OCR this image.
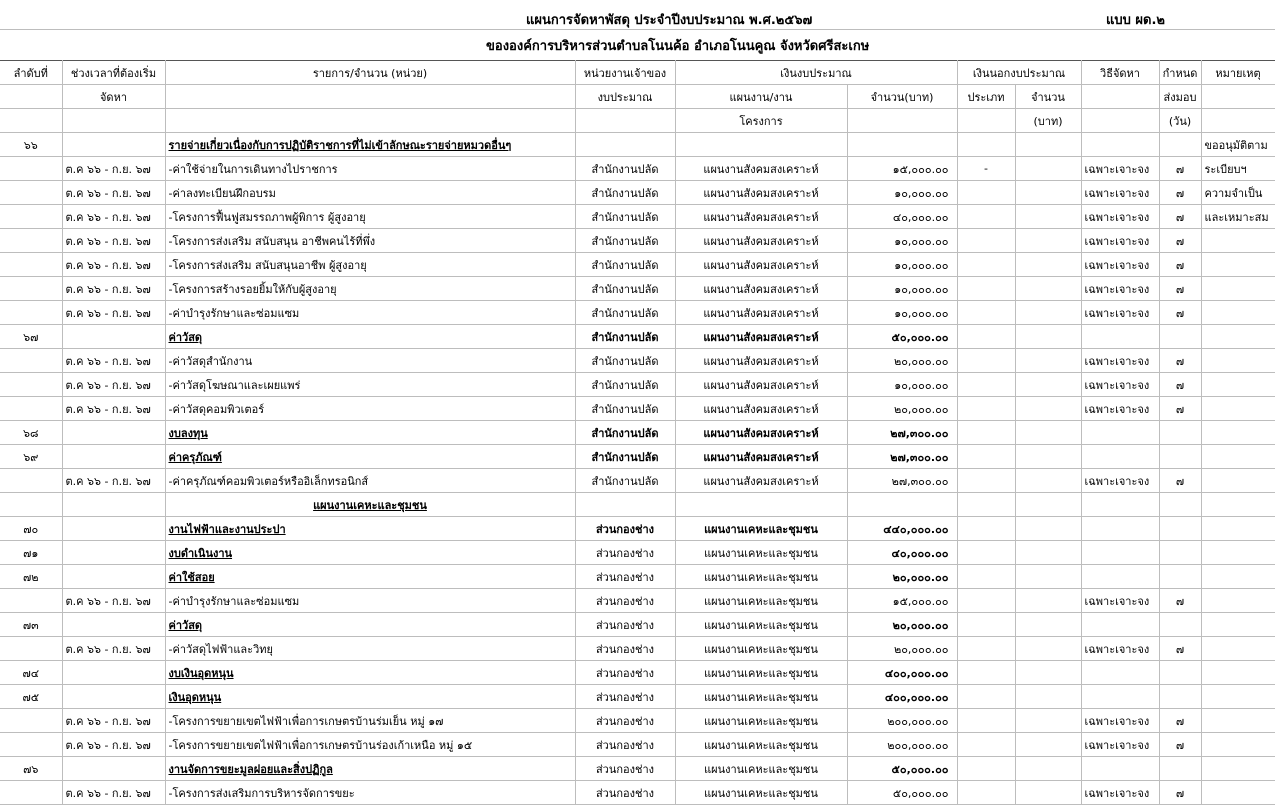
แผนการจัดหาพัสดุ ประจำปีงบประมาณ พ.ศ.๒๕๖๗	แบบ ผด.๒
ขององค์การบริหารส่วนตำบลโนนค้อ อำเภอโนนคูณ จังหวัดศรีสะเกษ
ลำดับที่	ช่วงเวลาที่ต้องเริ่ม	รายการ/จำนวน (หน่วย)	หน่วยงานเจ้าของ	เงินงบประมาณ		เงินนอกงบประมาณ		วิธีจัดหา	กำหนด	หมายเหตุ
	จัดหา		งบประมาณ	แผนงาน/งาน	จำนวน(บาท)	ประเภท	จำนวน		ส่งมอบ	
				โครงการ			(บาท)		(วัน)	
๖๖		รายจ่ายเกี่ยวเนื่องกับการปฏิบัติราชการที่ไม่เข้าลักษณะรายจ่ายหมวดอื่นๆ								ขออนุมัติตาม
	ต.ค ๖๖ - ก.ย. ๖๗	-ค่าใช้จ่ายในการเดินทางไปราชการ	สำนักงานปลัด	แผนงานสังคมสงเคราะห์	๑๕,๐๐๐.๐๐	-		เฉพาะเจาะจง	๗	ระเบียบฯ
	ต.ค ๖๖ - ก.ย. ๖๗	-ค่าลงทะเบียนฝึกอบรม	สำนักงานปลัด	แผนงานสังคมสงเคราะห์	๑๐,๐๐๐.๐๐			เฉพาะเจาะจง	๗	ความจำเป็น
	ต.ค ๖๖ - ก.ย. ๖๗	-โครงการฟื้นฟูสมรรถภาพผู้พิการ ผู้สูงอายุ	สำนักงานปลัด	แผนงานสังคมสงเคราะห์	๔๐,๐๐๐.๐๐			เฉพาะเจาะจง	๗	และเหมาะสม
	ต.ค ๖๖ - ก.ย. ๖๗	-โครงการส่งเสริม สนับสนุน อาชีพคนไร้ที่พึ่ง	สำนักงานปลัด	แผนงานสังคมสงเคราะห์	๑๐,๐๐๐.๐๐			เฉพาะเจาะจง	๗	
	ต.ค ๖๖ - ก.ย. ๖๗	-โครงการส่งเสริม สนับสนุนอาชีพ ผู้สูงอายุ	สำนักงานปลัด	แผนงานสังคมสงเคราะห์	๑๐,๐๐๐.๐๐			เฉพาะเจาะจง	๗	
	ต.ค ๖๖ - ก.ย. ๖๗	-โครงการสร้างรอยยิ้มให้กับผู้สูงอายุ	สำนักงานปลัด	แผนงานสังคมสงเคราะห์	๑๐,๐๐๐.๐๐			เฉพาะเจาะจง	๗	
	ต.ค ๖๖ - ก.ย. ๖๗	-ค่าบำรุงรักษาและซ่อมแซม	สำนักงานปลัด	แผนงานสังคมสงเคราะห์	๑๐,๐๐๐.๐๐			เฉพาะเจาะจง	๗	
๖๗		ค่าวัสดุ	สำนักงานปลัด	แผนงานสังคมสงเคราะห์	๕๐,๐๐๐.๐๐					
	ต.ค ๖๖ - ก.ย. ๖๗	-ค่าวัสดุสำนักงาน	สำนักงานปลัด	แผนงานสังคมสงเคราะห์	๒๐,๐๐๐.๐๐			เฉพาะเจาะจง	๗	
	ต.ค ๖๖ - ก.ย. ๖๗	-ค่าวัสดุโฆษณาและเผยแพร่	สำนักงานปลัด	แผนงานสังคมสงเคราะห์	๑๐,๐๐๐.๐๐			เฉพาะเจาะจง	๗	
	ต.ค ๖๖ - ก.ย. ๖๗	-ค่าวัสดุคอมพิวเตอร์	สำนักงานปลัด	แผนงานสังคมสงเคราะห์	๒๐,๐๐๐.๐๐			เฉพาะเจาะจง	๗	
๖๘		งบลงทุน	สำนักงานปลัด	แผนงานสังคมสงเคราะห์	๒๗,๓๐๐.๐๐					
๖๙		ค่าครุภัณฑ์	สำนักงานปลัด	แผนงานสังคมสงเคราะห์	๒๗,๓๐๐.๐๐					
	ต.ค ๖๖ - ก.ย. ๖๗	-ค่าครุภัณฑ์คอมพิวเตอร์หรืออิเล็กทรอนิกส์	สำนักงานปลัด	แผนงานสังคมสงเคราะห์	๒๗,๓๐๐.๐๐			เฉพาะเจาะจง	๗	
		แผนงานเคหะและชุมชน								
๗๐		งานไฟฟ้าและงานประปา	ส่วนกองช่าง	แผนงานเคหะและชุมชน	๔๔๐,๐๐๐.๐๐					
๗๑		งบดำเนินงาน	ส่วนกองช่าง	แผนงานเคหะและชุมชน	๔๐,๐๐๐.๐๐					
๗๒		ค่าใช้สอย	ส่วนกองช่าง	แผนงานเคหะและชุมชน	๒๐,๐๐๐.๐๐					
	ต.ค ๖๖ - ก.ย. ๖๗	-ค่าบำรุงรักษาและซ่อมแซม	ส่วนกองช่าง	แผนงานเคหะและชุมชน	๑๕,๐๐๐.๐๐			เฉพาะเจาะจง	๗	
๗๓		ค่าวัสดุ	ส่วนกองช่าง	แผนงานเคหะและชุมชน	๒๐,๐๐๐.๐๐					
	ต.ค ๖๖ - ก.ย. ๖๗	-ค่าวัสดุไฟฟ้าและวิทยุ	ส่วนกองช่าง	แผนงานเคหะและชุมชน	๒๐,๐๐๐.๐๐			เฉพาะเจาะจง	๗	
๗๔		งบเงินอุดหนุน	ส่วนกองช่าง	แผนงานเคหะและชุมชน	๔๐๐,๐๐๐.๐๐					
๗๕		เงินอุดหนุน	ส่วนกองช่าง	แผนงานเคหะและชุมชน	๔๐๐,๐๐๐.๐๐					
	ต.ค ๖๖ - ก.ย. ๖๗	-โครงการขยายเขตไฟฟ้าเพื่อการเกษตรบ้านร่มเย็น หมู่ ๑๗	ส่วนกองช่าง	แผนงานเคหะและชุมชน	๒๐๐,๐๐๐.๐๐			เฉพาะเจาะจง	๗	
	ต.ค ๖๖ - ก.ย. ๖๗	-โครงการขยายเขตไฟฟ้าเพื่อการเกษตรบ้านร่องเก้าเหนือ หมู่ ๑๕	ส่วนกองช่าง	แผนงานเคหะและชุมชน	๒๐๐,๐๐๐.๐๐			เฉพาะเจาะจง	๗	
๗๖		งานจัดการขยะมูลฝอยและสิ่งปฏิกูล	ส่วนกองช่าง	แผนงานเคหะและชุมชน	๕๐,๐๐๐.๐๐					
	ต.ค ๖๖ - ก.ย. ๖๗	-โครงการส่งเสริมการบริหารจัดการขยะ	ส่วนกองช่าง	แผนงานเคหะและชุมชน	๕๐,๐๐๐.๐๐			เฉพาะเจาะจง	๗	
